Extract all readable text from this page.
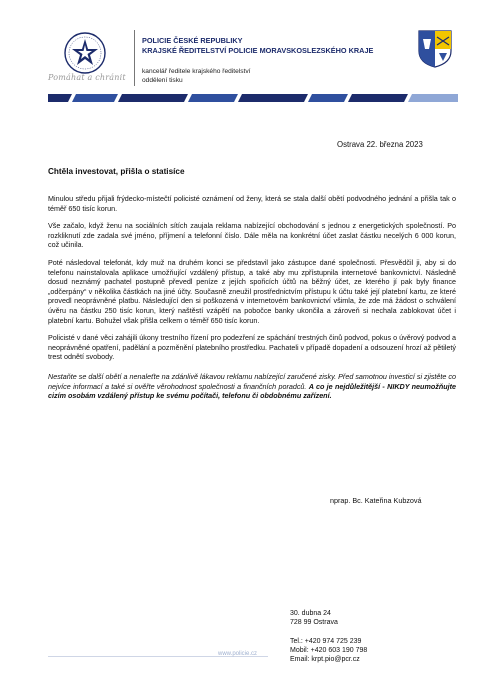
Pomáhat a chránit
POLICIE ČESKÉ REPUBLIKY
KRAJSKÉ ŘEDITELSTVÍ POLICIE MORAVSKOSLEZSKÉHO KRAJE
kancelář ředitele krajského ředitelství
oddělení tisku
Ostrava 22. března 2023
Chtěla investovat, přišla o statisíce

Minulou středu přijali frýdecko-místečtí policisté oznámení od ženy, která se stala další obětí podvodného jednání a přišla tak o téměř 650 tisíc korun.

Vše začalo, když ženu na sociálních sítích zaujala reklama nabízející obchodování s jednou z energetických společností. Po rozkliknutí zde zadala své jméno, příjmení a telefonní číslo. Dále měla na konkrétní účet zaslat částku necelých 6 000 korun, což učinila.

Poté následoval telefonát, kdy muž na druhém konci se představil jako zástupce dané společnosti. Přesvědčil ji, aby si do telefonu nainstalovala aplikace umožňující vzdálený přístup, a také aby mu zpřístupnila internetové bankovnictví. Následně dosud neznámý pachatel postupně převedl peníze z jejích spořicích účtů na běžný účet, ze kterého jí pak byly finance „odčerpány“ v několika částkách na jiné účty. Současně zneužil prostřednictvím přístupu k účtu také její platební kartu, ze které provedl neoprávněné platbu. Následující den si poškozená v internetovém bankovnictví všimla, že zde má žádost o schválení úvěru na částku 250 tisíc korun, který naštěstí vzápětí na pobočce banky ukončila a zároveň si nechala zablokovat účet i platební kartu. Bohužel však přišla celkem o téměř 650 tisíc korun.

Policisté v dané věci zahájili úkony trestního řízení pro podezření ze spáchání trestných činů podvod, pokus o úvěrový podvod a neoprávněné opatření, padělání a pozměnění platebního prostředku. Pachateli v případě dopadení a odsouzení hrozí až pětiletý trest odnětí svobody.

Nestaňte se další obětí a nenaleťte na zdánlivě lákavou reklamu nabízející zaručené zisky. Před samotnou investicí si zjistěte co nejvíce informací a také si ověřte věrohodnost společnosti a finančních poradců. A co je nejdůležitější - NIKDY neumožňujte cizím osobám vzdálený přístup ke svému počítači, telefonu či obdobnému zařízení.

nprap. Bc. Kateřina Kubzová
30. dubna 24
728 99 Ostrava
Tel.: +420 974 725 239
Mobil: +420 603 190 798
Email: krpt.pio@pcr.cz
www.policie.cz
